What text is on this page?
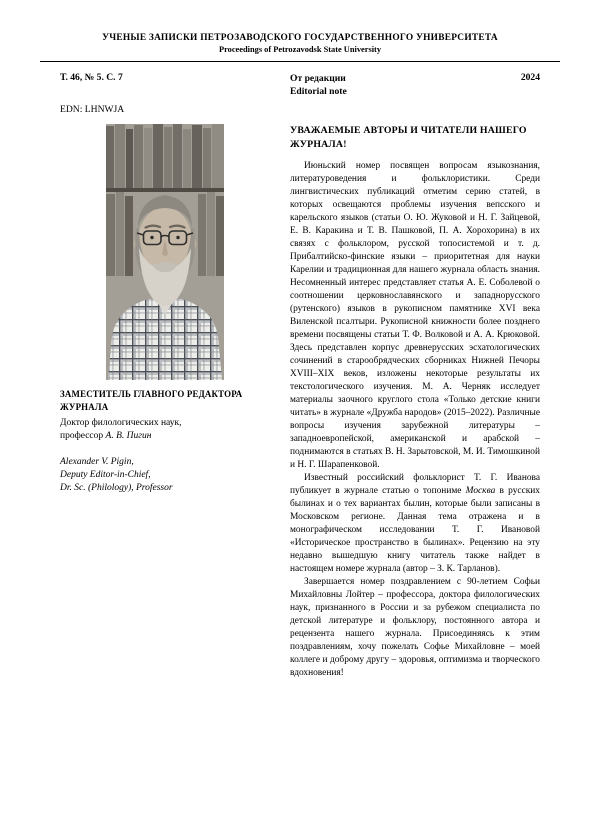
УЧЕНЫЕ ЗАПИСКИ ПЕТРОЗАВОДСКОГО ГОСУДАРСТВЕННОГО УНИВЕРСИТЕТА
Proceedings of Petrozavodsk State University
Т. 46, № 5. С. 7	От редакции
Editorial note
2024
EDN: LHNWJA
ЗАМЕСТИТЕЛЬ ГЛАВНОГО РЕДАКТОРА ЖУРНАЛА
Доктор филологических наук,
профессор А. В. Пигин
Alexander V. Pigin,
Deputy Editor-in-Chief,
Dr. Sc. (Philology), Professor
УВАЖАЕМЫЕ АВТОРЫ И ЧИТАТЕЛИ НАШЕГО ЖУРНАЛА!

Июньский номер посвящен вопросам языкознания, литературоведения и фольклористики. Среди лингвистических публикаций отметим серию статей, в которых освещаются проблемы изучения вепсского и карельского языков (статьи О. Ю. Жуковой и Н. Г. Зайцевой, Е. В. Каракина и Т. В. Пашковой, П. А. Хорохорина) в их связях с фольклором, русской топосистемой и т. д. Прибалтийско-финские языки – приоритетная для науки Карелии и традиционная для нашего журнала область знания. Несомненный интерес представляет статья А. Е. Соболевой о соотношении церковнославянского и западнорусского (рутенского) языков в рукописном памятнике XVI века Виленской псалтыри. Рукописной книжности более позднего времени посвящены статьи Т. Ф. Волковой и А. А. Крюковой. Здесь представлен корпус древнерусских эсхатологических сочинений в старообрядческих сборниках Нижней Печоры XVIII–XIX веков, изложены некоторые результаты их текстологического изучения. М. А. Черняк исследует материалы заочного круглого стола «Только детские книги читать» в журнале «Дружба народов» (2015–2022). Различные вопросы изучения зарубежной литературы – западноевропейской, американской и арабской – поднимаются в статьях В. Н. Зарытовской, М. И. Тимошкиной и Н. Г. Шарапенковой.

Известный российский фольклорист Т. Г. Иванова публикует в журнале статью о топониме Москва в русских былинах и о тех вариантах былин, которые были записаны в Московском регионе. Данная тема отражена и в монографическом исследовании Т. Г. Ивановой «Историческое пространство в былинах». Рецензию на эту недавно вышедшую книгу читатель также найдет в настоящем номере журнала (автор – З. К. Тарланов).

Завершается номер поздравлением с 90-летием Софьи Михайловны Лойтер – профессора, доктора филологических наук, признанного в России и за рубежом специалиста по детской литературе и фольклору, постоянного автора и рецензента нашего журнала. Присоединяясь к этим поздравлениям, хочу пожелать Софье Михайловне – моей коллеге и доброму другу – здоровья, оптимизма и творческого вдохновения!
